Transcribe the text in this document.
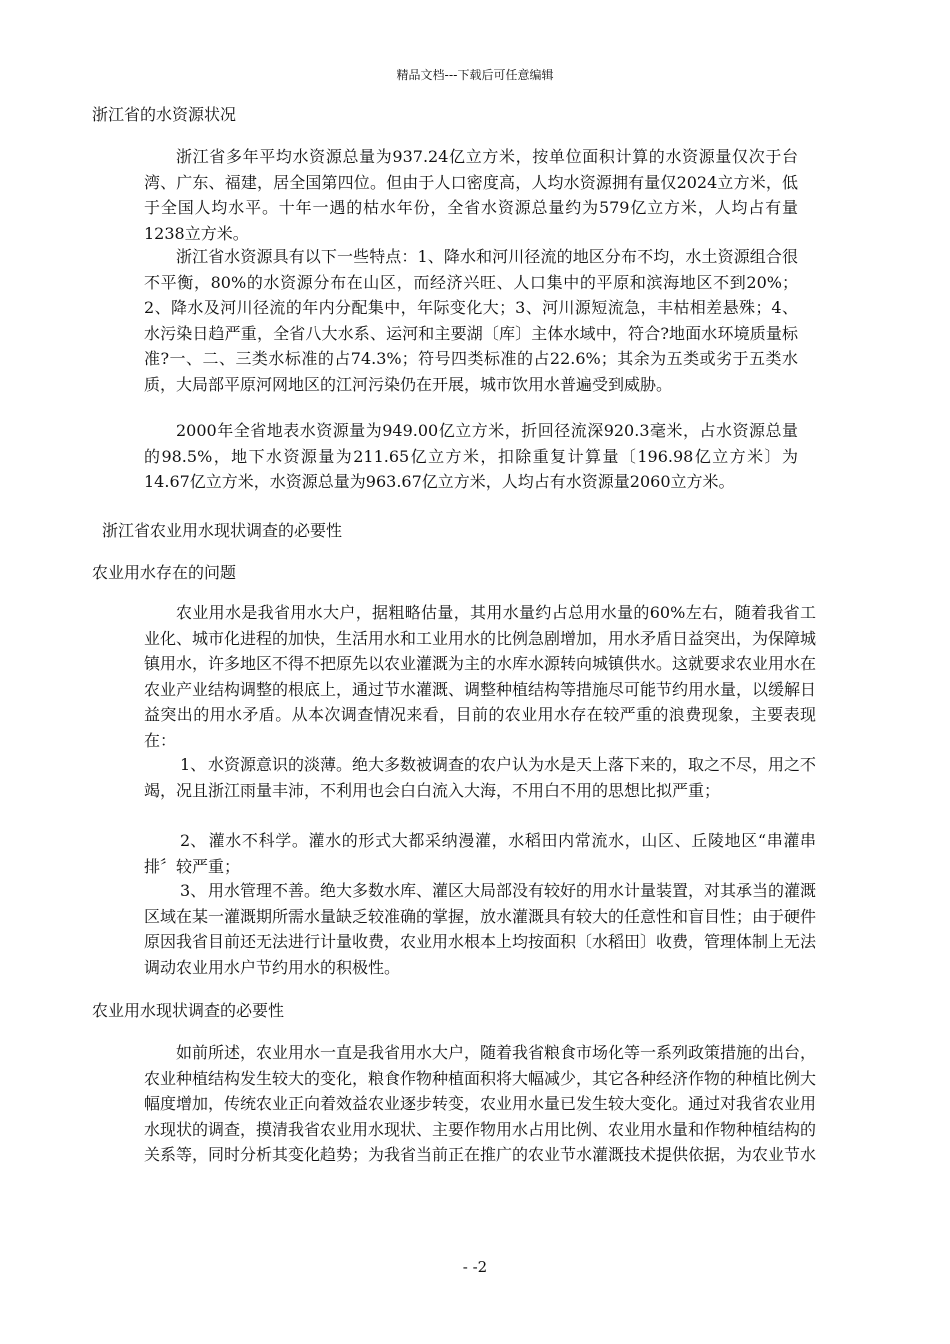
精品文档---下载后可任意编辑
浙江省的水资源状况
浙江省多年平均水资源总量为937.24亿立方米，按单位面积计算的水资源量仅次于台湾、广东、福建，居全国第四位。但由于人口密度高，人均水资源拥有量仅2024立方米，低于全国人均水平。十年一遇的枯水年份，全省水资源总量约为579亿立方米，人均占有量1238立方米。
浙江省水资源具有以下一些特点：1、降水和河川径流的地区分布不均，水土资源组合很不平衡，80%的水资源分布在山区，而经济兴旺、人口集中的平原和滨海地区不到20%；2、降水及河川径流的年内分配集中，年际变化大；3、河川源短流急，丰枯相差悬殊；4、水污染日趋严重，全省八大水系、运河和主要湖〔库〕主体水域中，符合?地面水环境质量标准?一、二、三类水标准的占74.3%；符号四类标准的占22.6%；其余为五类或劣于五类水质，大局部平原河网地区的江河污染仍在开展，城市饮用水普遍受到威胁。
2000年全省地表水资源量为949.00亿立方米，折回径流深920.3毫米，占水资源总量的98.5%，地下水资源量为211.65亿立方米，扣除重复计算量〔196.98亿立方米〕为14.67亿立方米，水资源总量为963.67亿立方米，人均占有水资源量2060立方米。
浙江省农业用水现状调查的必要性
农业用水存在的问题
农业用水是我省用水大户，据粗略估量，其用水量约占总用水量的60%左右，随着我省工业化、城市化进程的加快，生活用水和工业用水的比例急剧增加，用水矛盾日益突出，为保障城镇用水，许多地区不得不把原先以农业灌溉为主的水库水源转向城镇供水。这就要求农业用水在农业产业结构调整的根底上，通过节水灌溉、调整种植结构等措施尽可能节约用水量，以缓解日益突出的用水矛盾。从本次调查情况来看，目前的农业用水存在较严重的浪费现象，主要表现在：
1、 水资源意识的淡薄。绝大多数被调查的农户认为水是天上落下来的，取之不尽，用之不竭，况且浙江雨量丰沛，不利用也会白白流入大海，不用白不用的思想比拟严重；
2、 灌水不科学。灌水的形式大都采纳漫灌，水稻田内常流水，山区、丘陵地区“串灌串排〞较严重；
3、 用水管理不善。绝大多数水库、灌区大局部没有较好的用水计量装置，对其承当的灌溉区域在某一灌溉期所需水量缺乏较准确的掌握，放水灌溉具有较大的任意性和盲目性；由于硬件原因我省目前还无法进行计量收费，农业用水根本上均按面积〔水稻田〕收费，管理体制上无法调动农业用水户节约用水的积极性。
农业用水现状调查的必要性
如前所述，农业用水一直是我省用水大户，随着我省粮食市场化等一系列政策措施的出台，农业种植结构发生较大的变化，粮食作物种植面积将大幅减少，其它各种经济作物的种植比例大幅度增加，传统农业正向着效益农业逐步转变，农业用水量已发生较大变化。通过对我省农业用水现状的调查，摸清我省农业用水现状、主要作物用水占用比例、农业用水量和作物种植结构的关系等，同时分析其变化趋势；为我省当前正在推广的农业节水灌溉技术提供依据，为农业节水
- -2
